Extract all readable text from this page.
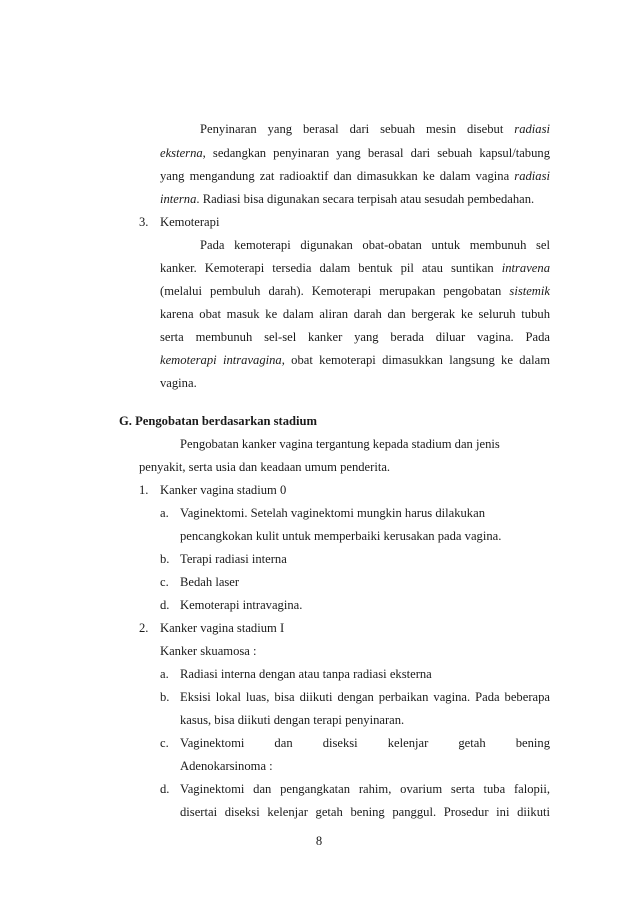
Penyinaran yang berasal dari sebuah mesin disebut radiasi
eksterna, sedangkan penyinaran yang berasal dari sebuah kapsul/tabung
yang mengandung zat radioaktif dan dimasukkan ke dalam vagina radiasi
interna. Radiasi bisa digunakan secara terpisah atau sesudah pembedahan.
3. Kemoterapi
Pada kemoterapi digunakan obat-obatan untuk membunuh sel
kanker. Kemoterapi tersedia dalam bentuk pil atau suntikan intravena
(melalui pembuluh darah). Kemoterapi merupakan pengobatan sistemik
karena obat masuk ke dalam aliran darah dan bergerak ke seluruh tubuh
serta membunuh sel-sel kanker yang berada diluar vagina. Pada
kemoterapi intravagina, obat kemoterapi dimasukkan langsung ke dalam
vagina.
G. Pengobatan berdasarkan stadium
Pengobatan kanker vagina tergantung kepada stadium dan jenis
penyakit, serta usia dan keadaan umum penderita.
1. Kanker vagina stadium 0
a. Vaginektomi. Setelah vaginektomi mungkin harus dilakukan
pencangkokan kulit untuk memperbaiki kerusakan pada vagina.
b. Terapi radiasi interna
c. Bedah laser
d. Kemoterapi intravagina.
2. Kanker vagina stadium I
Kanker skuamosa :
a. Radiasi interna dengan atau tanpa radiasi eksterna
b. Eksisi lokal luas, bisa diikuti dengan perbaikan vagina. Pada beberapa
kasus, bisa diikuti dengan terapi penyinaran.
c. Vaginektomi dan diseksi kelenjar getah bening
Adenokarsinoma :
d. Vaginektomi dan pengangkatan rahim, ovarium serta tuba falopii,
disertai diseksi kelenjar getah bening panggul. Prosedur ini diikuti
8
